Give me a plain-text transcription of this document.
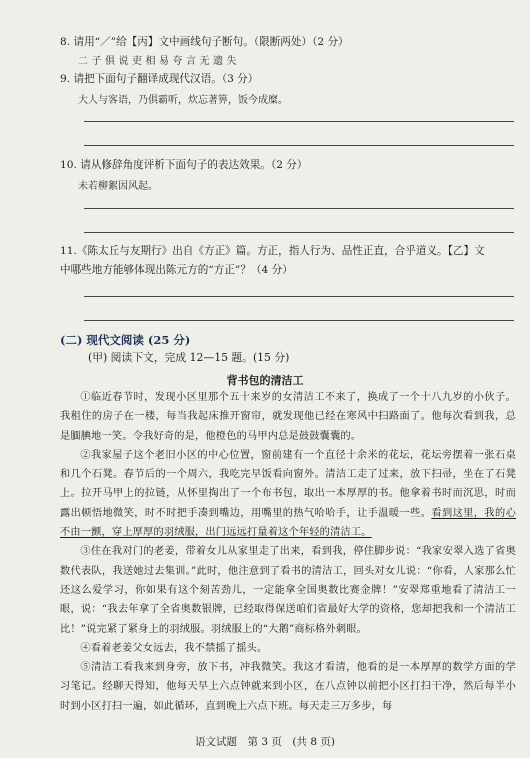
8. 请用“／”给【丙】文中画线句子断句。（限断两处）（2 分）
二子俱说吏相易夸言无遗失
9. 请把下面句子翻译成现代汉语。（3 分）
大人与客语，乃俱霸听，炊忘著箅，饭今成糜。
10. 请从修辞角度评析下面句子的表达效果。（2 分）
未若柳絮因风起。
11.《陈太丘与友期行》出自《方正》篇。方正，指人行为、品性正直，合乎道义。【乙】文
中哪些地方能够体现出陈元方的“方正”？（4 分）
(二) 现代文阅读 (25 分)
(甲) 阅读下文，完成 12—15 题。(15 分)
背书包的清洁工

①临近春节时，发现小区里那个五十来岁的女清洁工不来了，换成了一个十八九岁的小伙子。我租住的房子在一楼，每当我起床推开窗帘，就发现他已经在寒风中扫路面了。他每次看到我，总是腼腆地一笑。令我好奇的是，他橙色的马甲内总是鼓鼓囊囊的。

②我家屋子这个老旧小区的中心位置，窗前建有一个直径十余米的花坛，花坛旁摆着一张石桌和几个石凳。春节后的一个周六，我吃完早饭看向窗外。清洁工走了过来，放下扫帚，坐在了石凳上。拉开马甲上的拉链，从怀里掏出了一个布书包，取出一本厚厚的书。他拿着书时而沉思，时而露出顿悟地微笑，时不时把手凑到嘴边，用嘴里的热气哈哈手，让手温暖一些。看到这里，我的心不由一颤，穿上厚厚的羽绒服，出门远远打量着这个年轻的清洁工。

③住在我对门的老姜，带着女儿从家里走了出来，看到我，停住脚步说：“我家安翠入选了省奥数代表队，我送她过去集训。”此时，他注意到了看书的清洁工，回头对女儿说：“你看，人家那么忙还这么爱学习，你如果有这个刻苦劲儿，一定能拿全国奥数比赛金牌！”安翠郑重地看了清洁工一眼，说：“我去年拿了全省奥数银牌，已经取得保送咱们省最好大学的资格，您却把我和一个清洁工比！”说完紧了紧身上的羽绒服。羽绒服上的“大鹅”商标格外刺眼。

④看着老姜父女远去，我不禁摇了摇头。

⑤清洁工看我来到身旁，放下书，冲我微笑。我这才看清，他看的是一本厚厚的数学方面的学习笔记。经聊天得知，他每天早上六点钟就来到小区，在八点钟以前把小区打扫干净，然后每半小时到小区打扫一遍，如此循环，直到晚上六点下班。每天走三万多步，每

语文试题　第 3 页　(共 8 页)
